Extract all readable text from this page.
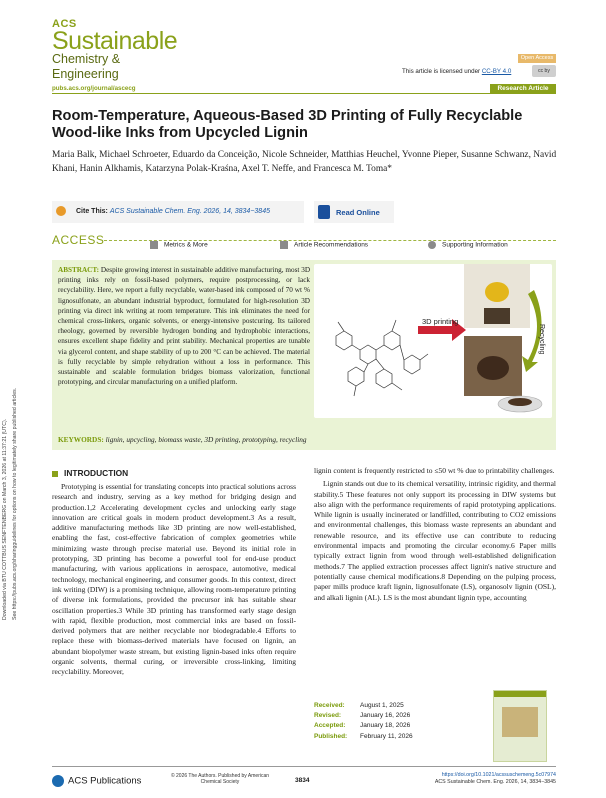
Downloaded via BTU COTTBUS SENFTENBERG on March 3, 2026 at 11:37:21 (UTC). See https://pubs.acs.org/sharingguidelines for options on how to legitimately share published articles.
ACS
Sustainable
Chemistry & Engineering
Open Access
This article is licensed under CC-BY 4.0	cc by
pubs.acs.org/journal/ascecg	Research Article
Room-Temperature, Aqueous-Based 3D Printing of Fully Recyclable Wood-like Inks from Upcycled Lignin
Maria Balk, Michael Schroeter, Eduardo da Conceição, Nicole Schneider, Matthias Heuchel, Yvonne Pieper, Susanne Schwanz, Navid Khani, Hanin Alkhamis, Katarzyna Polak-Kraśna, Axel T. Neffe, and Francesca M. Toma*
Cite This: ACS Sustainable Chem. Eng. 2026, 14, 3834−3845	Read Online
ACCESS	Metrics & More	Article Recommendations	Supporting Information
ABSTRACT: Despite growing interest in sustainable additive manufacturing, most 3D printing inks rely on fossil-based polymers, require postprocessing, or lack recyclability. Here, we report a fully recyclable, water-based ink composed of 70 wt % lignosulfonate, an abundant industrial byproduct, formulated for high-resolution 3D printing via direct ink writing at room temperature. This ink eliminates the need for chemical cross-linkers, organic solvents, or energy-intensive postcuring. Its tailored rheology, governed by reversible hydrogen bonding and hydrophobic interactions, ensures excellent shape fidelity and print stability. Mechanical properties are tunable via glycerol content, and shape stability of up to 200 °C can be achieved. The material is fully recyclable by simple rehydration without a loss in performance. This sustainable and scalable formulation bridges biomass valorization, functional prototyping, and circular manufacturing on a unified platform.
KEYWORDS: lignin, upcycling, biomass waste, 3D printing, prototyping, recycling
3D printing
Recycling
INTRODUCTION

Prototyping is essential for translating concepts into practical solutions across research and industry, serving as a key method for bridging design and production.1,2 Accelerating development cycles and unlocking early stage innovation are critical goals in modern product development.3 As a result, additive manufacturing methods like 3D printing are now well-established, enabling the fast, cost-effective fabrication of complex geometries while minimizing waste through precise material use. Beyond its initial role in prototyping, 3D printing has become a powerful tool for end-use product manufacturing, with various applications in aerospace, automotive, medical technology, mechanical engineering, and consumer goods. In this context, direct ink writing (DIW) is a promising technique, allowing room-temperature printing of diverse ink formulations, provided the precursor ink has suitable shear oscillation properties.3 While 3D printing has transformed early stage design with rapid, flexible production, most commercial inks are based on fossil-derived polymers that are neither recyclable nor biodegradable.4 Efforts to replace these with biomass-derived materials have focused on lignin, an abundant biopolymer waste stream, but existing lignin-based inks often require organic solvents, thermal curing, or irreversible cross-linking, limiting recyclability. Moreover,

lignin content is frequently restricted to ≤50 wt % due to printability challenges.

Lignin stands out due to its chemical versatility, intrinsic rigidity, and thermal stability.5 These features not only support its processing in DIW systems but also align with the performance requirements of rapid prototyping applications. While lignin is usually incinerated or landfilled, contributing to CO2 emissions and environmental challenges, this biomass waste represents an abundant and renewable resource, and its effective use can contribute to reducing environmental impacts and promoting the circular economy.6 Paper mills typically extract lignin from wood through well-established delignification methods.7 The applied extraction processes affect lignin's native structure and potentially cause chemical modifications.8 Depending on the pulping process, paper mills produce kraft lignin, lignosulfonate (LS), organosolv lignin (OSL), and alkali lignin (AL). LS is the most abundant lignin type, accounting

Received: August 1, 2025
Revised:	January 16, 2026
Accepted: January 18, 2026
Published: February 11, 2026
ACS Publications	© 2026 The Authors. Published by American Chemical Society	3834
https://doi.org/10.1021/acssuschemeng.5c07974
ACS Sustainable Chem. Eng. 2026, 14, 3834−3845
